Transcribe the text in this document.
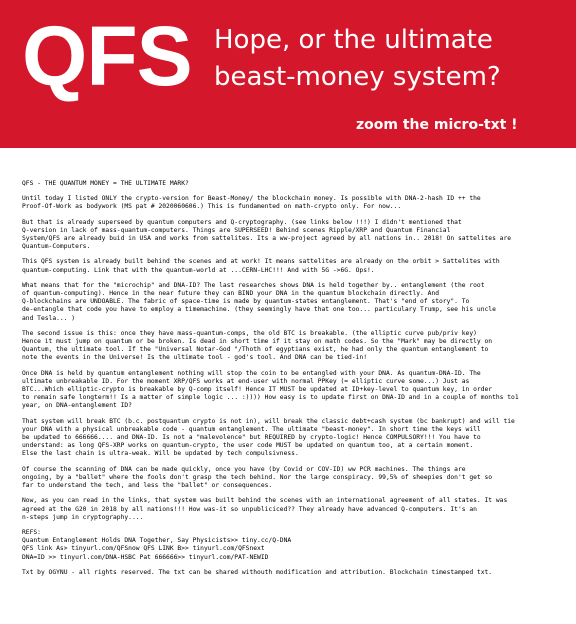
QFS Hope, or the ultimate
beast-money system?
zoom the micro-txt !

QFS - THE QUANTUM MONEY = THE ULTIMATE MARK?

Until today I listed ONLY the crypto-version for Beast-Money/ the blockchain money. Is possible with DNA-2-hash ID ++ the
Proof-Of-Work as bodywork (MS pat # 2020060606.) This is fundamented on math-crypto only. For now...

But that is already superseed by quantum computers and Q-cryptography. (see links below !!!) I didn't mentioned that
Q-version in lack of mass-quantum-computers. Things are SUPERSEED! Behind scenes Ripple/XRP and Quantum Financial
System/QFS are already buid in USA and works from sattelites. Its a ww-project agreed by all nations in.. 2018! On sattelites are
Quantum-Computers.

This QFS system is already built behind the scenes and at work! It means sattelites are already on the orbit > Sattelites with
quantum-computing. Link that with the quantum-world at ...CERN-LHC!!! And with 5G ->6G. Ops!.

What means that for the "microchip" and DNA-ID? The last researches shows DNA is held together by.. entanglement (the root
of quantum-computing). Hence in the near future they can BIND your DNA in the quantum blockchain directly. And
Q-blockchains are UNDOABLE. The fabric of space-time is made by quantum-states entanglement. That's "end of story". To
de-entangle that code you have to employ a timemachine. (they seemingly have that one too... particulary Trump, see his uncle
and Tesla... )

The second issue is this: once they have mass-quantum-comps, the old BTC is breakable. (the elliptic curve pub/priv key)
Hence it must jump on quantum or be broken. Is dead in short time if it stay on math codes. So the "Mark" may be directly on
Quantum, the ultimate tool. If the "Universal Notar-God "/Thoth of egyptians exist, he had only the quantum entanglement to
note the events in the Universe! Is the ultimate tool - god's tool. And DNA can be tied-in!

Once DNA is held by quantum entanglement nothing will stop the coin to be entangled with your DNA. As quantum-DNA-ID. The
ultimate unbreakable ID. For the moment XRP/QFS works at end-user with normal PPKey (= elliptic curve some...) Just as
BTC...Which elliptic-crypto is breakable by Q-comp itself! Hence IT MUST be updated at ID+key-level to quantum key, in order
to remain safe longterm!! Is a matter of simple logic ... :)))) How easy is to update first on DNA-ID and in a couple of months to1
year, on DNA-entanglement ID?

That system will break BTC (b.c. postquantum crypto is not in), will break the classic debt+cash system (bc bankrupt) and will tie
your DNA with a physical unbreakable code - quantum entanglement. The ultimate "beast-money". In short time the keys will
be updated to 666666.... and DNA-ID. Is not a "malevolence" but REQUIRED by crypto-logic! Hence COMPULSORY!!! You have to
understand: as long QFS-XRP works on quantum-crypto, the user code MUST be updated on quantum too, at a certain moment.
Else the last chain is ultra-weak. Will be updated by tech compulsivness.

Of course the scanning of DNA can be made quickly, once you have (by Covid or COV-ID) ww PCR machines. The things are
ongoing, by a "ballet" where the fools don't grasp the tech behind. Nor the large conspiracy. 99,5% of sheepies don't get so
far to understand the tech, and less the "ballet" or consequences.

Now, as you can read in the links, that system was built behind the scenes with an international agreement of all states. It was
agreed at the G20 in 2018 by all nations!!! How was-it so unpubliciced?? They already have advanced Q-computers. It's an
n-steps jump in cryptography....

REFS:
Quantum Entanglement Holds DNA Together, Say Physicists>> tiny.cc/Q-DNA
QFS link As> tinyurl.com/QFSnow QFS LINK B>> tinyurl.com/QFSnext
DNA=ID >> tinyurl.com/DNA-HSBC Pat 666666>> tinyurl.com/PAT-NEWID

Txt by OGYNU - all rights reserved. The txt can be shared withouth modification and attribution. Blockchain timestamped txt.
